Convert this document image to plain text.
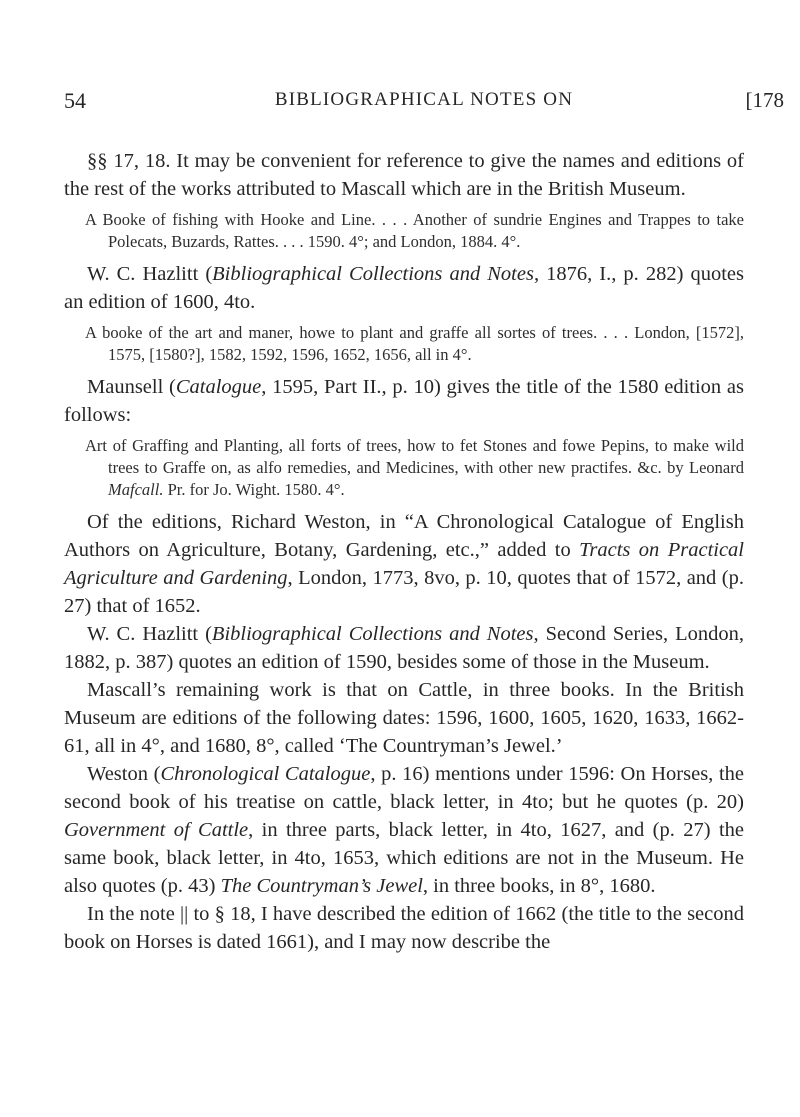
54	BIBLIOGRAPHICAL NOTES ON	[178

§§ 17, 18. It may be convenient for reference to give the names and editions of the rest of the works attributed to Mascall which are in the British Museum.

A Booke of fishing with Hooke and Line. . . . Another of sundrie Engines and Trappes to take Polecats, Buzards, Rattes. . . . 1590. 4°; and London, 1884. 4°.

W. C. Hazlitt (Bibliographical Collections and Notes, 1876, I., p. 282) quotes an edition of 1600, 4to.

A booke of the art and maner, howe to plant and graffe all sortes of trees. . . . London, [1572], 1575, [1580?], 1582, 1592, 1596, 1652, 1656, all in 4°.

Maunsell (Catalogue, 1595, Part II., p. 10) gives the title of the 1580 edition as follows:

Art of Graffing and Planting, all forts of trees, how to fet Stones and fowe Pepins, to make wild trees to Graffe on, as alfo remedies, and Medicines, with other new practifes. &c. by Leonard Mafcall. Pr. for Jo. Wight. 1580. 4°.

Of the editions, Richard Weston, in “A Chronological Catalogue of English Authors on Agriculture, Botany, Gardening, etc.,” added to Tracts on Practical Agriculture and Gardening, London, 1773, 8vo, p. 10, quotes that of 1572, and (p. 27) that of 1652.

W. C. Hazlitt (Bibliographical Collections and Notes, Second Series, London, 1882, p. 387) quotes an edition of 1590, besides some of those in the Museum.

Mascall’s remaining work is that on Cattle, in three books. In the British Museum are editions of the following dates: 1596, 1600, 1605, 1620, 1633, 1662-61, all in 4°, and 1680, 8°, called ‘The Countryman’s Jewel.’

Weston (Chronological Catalogue, p. 16) mentions under 1596: On Horses, the second book of his treatise on cattle, black letter, in 4to; but he quotes (p. 20) Government of Cattle, in three parts, black letter, in 4to, 1627, and (p. 27) the same book, black letter, in 4to, 1653, which editions are not in the Museum. He also quotes (p. 43) The Countryman’s Jewel, in three books, in 8°, 1680.

In the note || to § 18, I have described the edition of 1662 (the title to the second book on Horses is dated 1661), and I may now describe the
